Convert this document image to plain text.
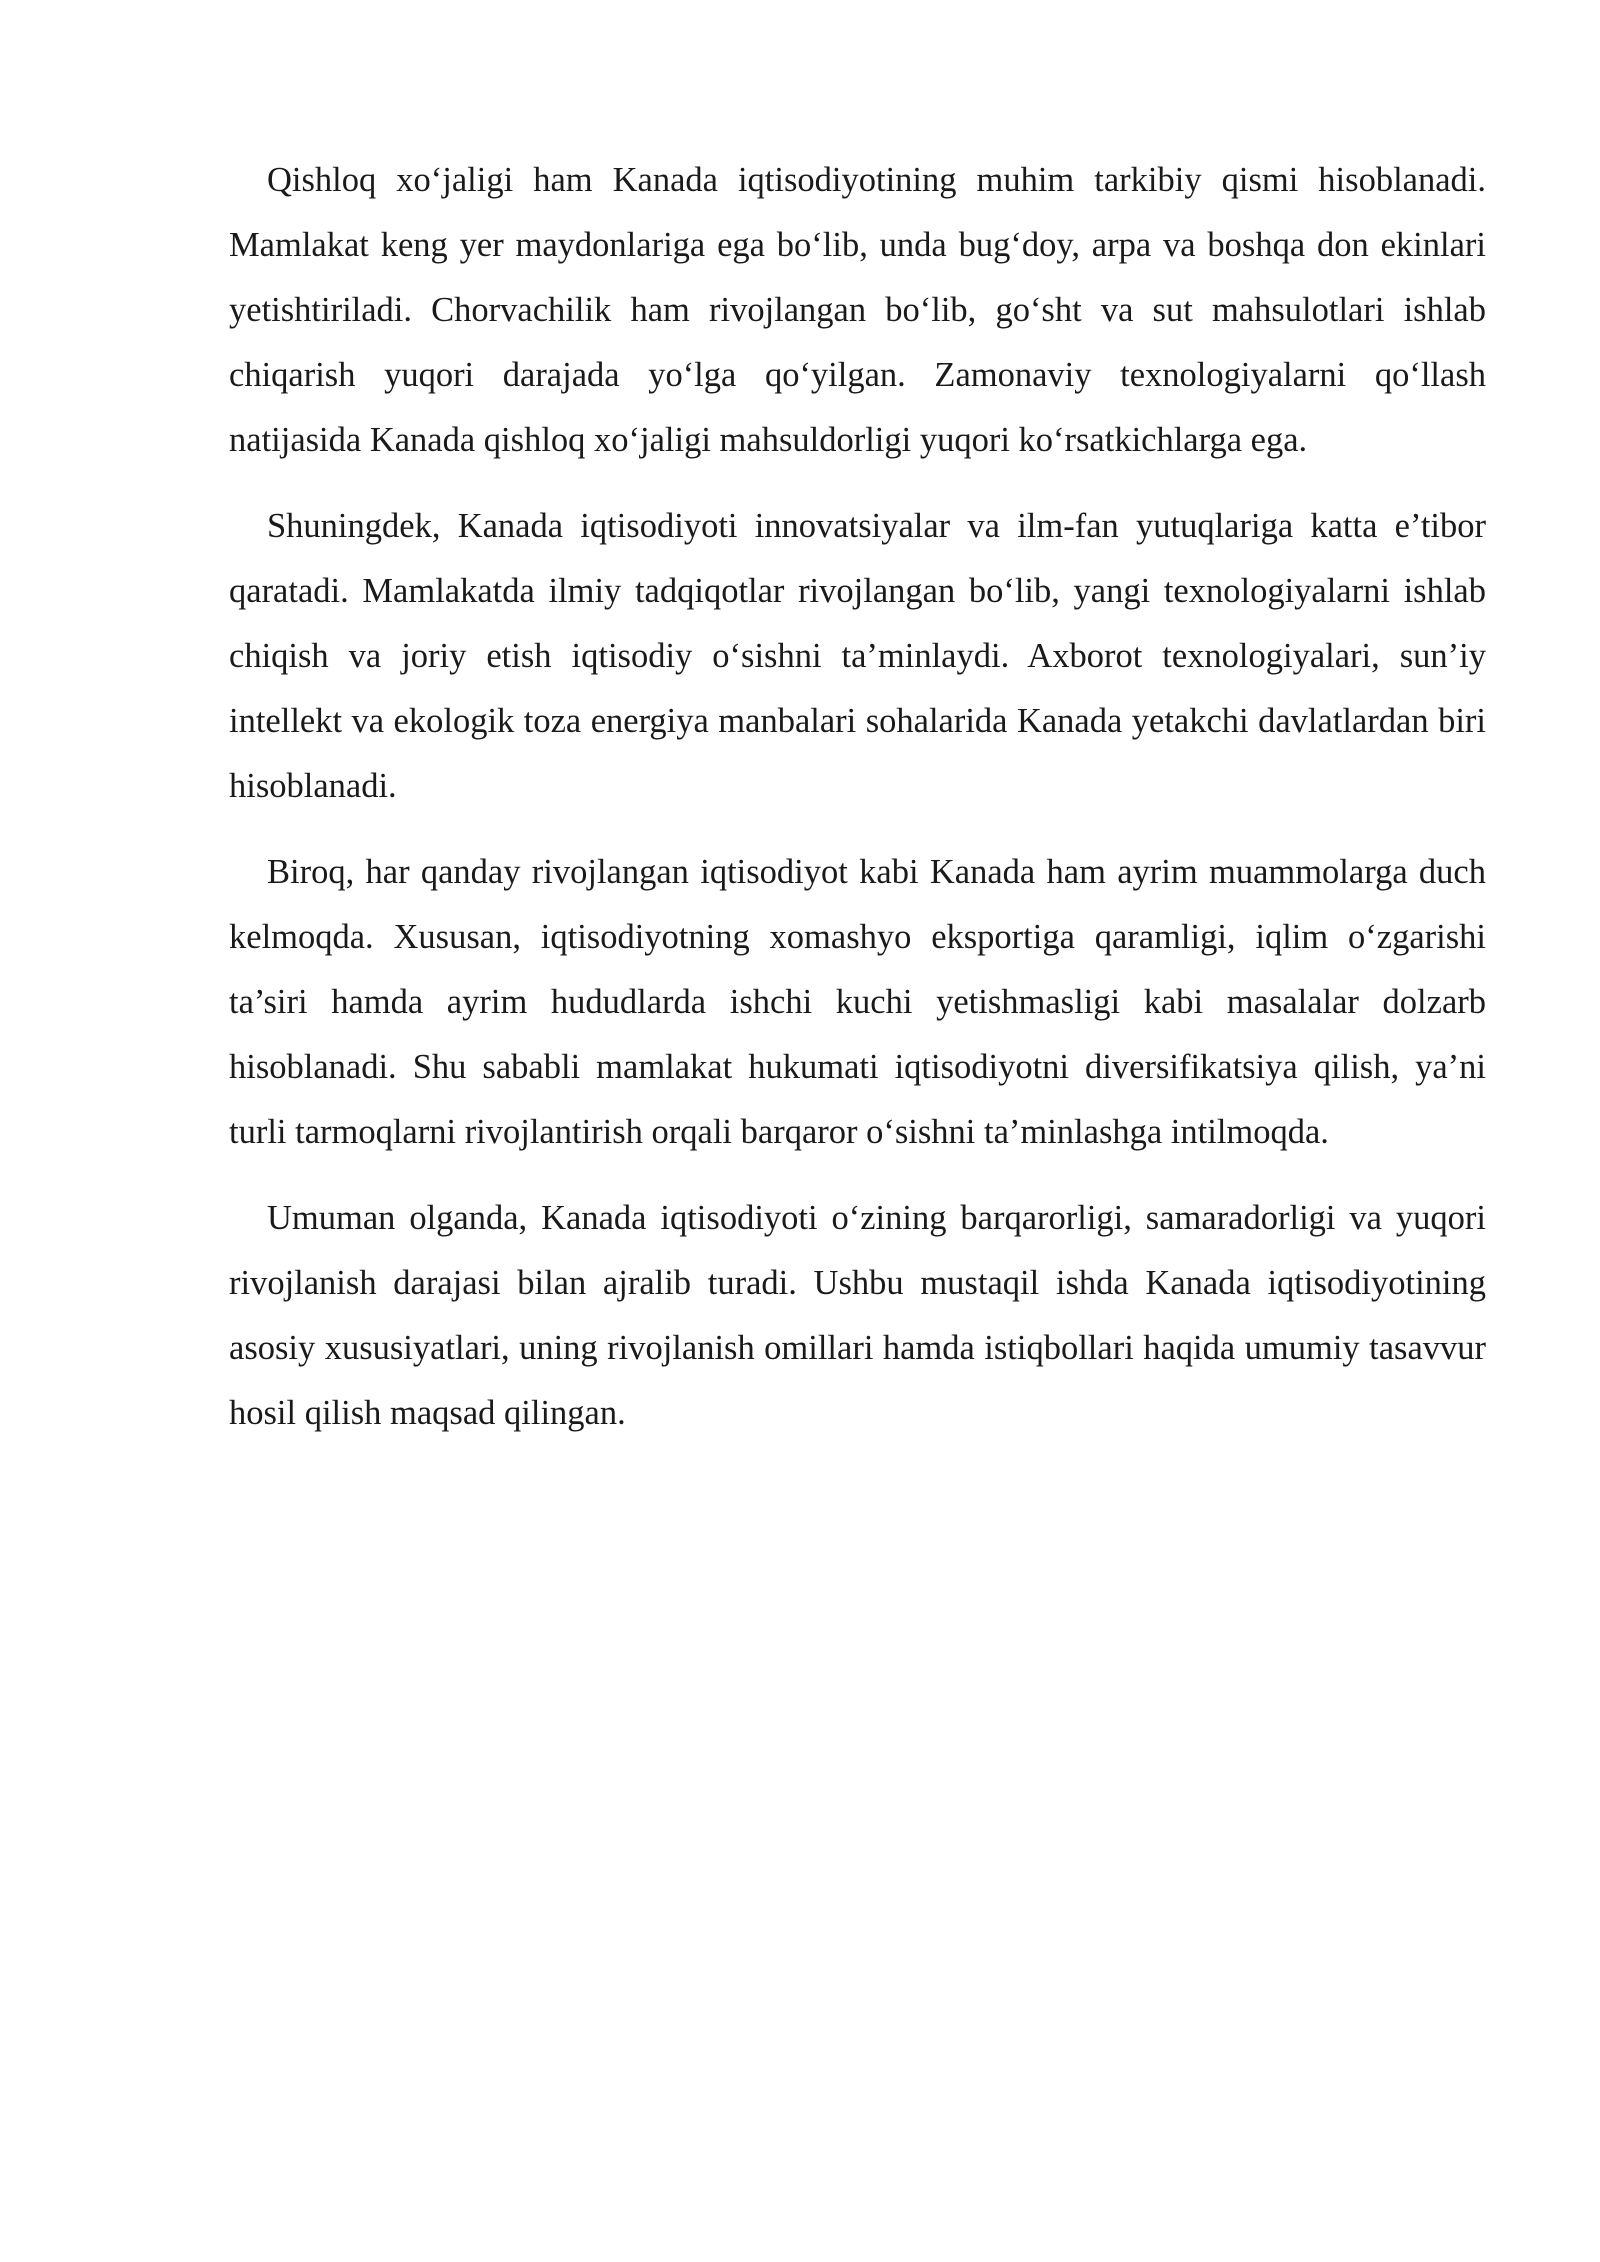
Qishloq xo‘jaligi ham Kanada iqtisodiyotining muhim tarkibiy qismi hisoblanadi. Mamlakat keng yer maydonlariga ega bo‘lib, unda bug‘doy, arpa va boshqa don ekinlari yetishtiriladi. Chorvachilik ham rivojlangan bo‘lib, go‘sht va sut mahsulotlari ishlab chiqarish yuqori darajada yo‘lga qo‘yilgan. Zamonaviy texnologiyalarni qo‘llash natijasida Kanada qishloq xo‘jaligi mahsuldorligi yuqori ko‘rsatkichlarga ega.

Shuningdek, Kanada iqtisodiyoti innovatsiyalar va ilm-fan yutuqlariga katta e’tibor qaratadi. Mamlakatda ilmiy tadqiqotlar rivojlangan bo‘lib, yangi texnologiyalarni ishlab chiqish va joriy etish iqtisodiy o‘sishni ta’minlaydi. Axborot texnologiyalari, sun’iy intellekt va ekologik toza energiya manbalari sohalarida Kanada yetakchi davlatlardan biri hisoblanadi.

Biroq, har qanday rivojlangan iqtisodiyot kabi Kanada ham ayrim muammolarga duch kelmoqda. Xususan, iqtisodiyotning xomashyo eksportiga qaramligi, iqlim o‘zgarishi ta’siri hamda ayrim hududlarda ishchi kuchi yetishmasligi kabi masalalar dolzarb hisoblanadi. Shu sababli mamlakat hukumati iqtisodiyotni diversifikatsiya qilish, ya’ni turli tarmoqlarni rivojlantirish orqali barqaror o‘sishni ta’minlashga intilmoqda.

Umuman olganda, Kanada iqtisodiyoti o‘zining barqarorligi, samaradorligi va yuqori rivojlanish darajasi bilan ajralib turadi. Ushbu mustaqil ishda Kanada iqtisodiyotining asosiy xususiyatlari, uning rivojlanish omillari hamda istiqbollari haqida umumiy tasavvur hosil qilish maqsad qilingan.
